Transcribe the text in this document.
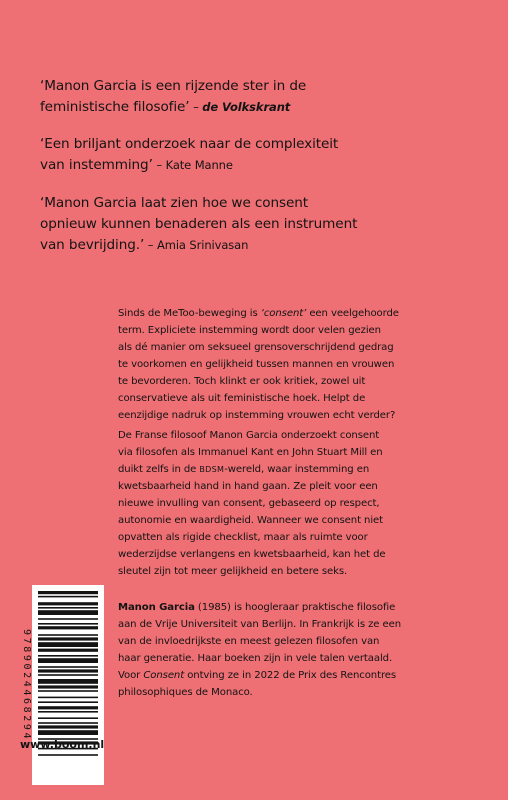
‘Manon Garcia is een rijzende ster in de
feministische filosofie’ – de Volkskrant
‘Een briljant onderzoek naar de complexiteit
van instemming’ – Kate Manne
‘Manon Garcia laat zien hoe we consent
opnieuw kunnen benaderen als een instrument
van bevrijding.’ – Amia Srinivasan

Sinds de MeToo-beweging is ‘consent’ een veelgehoorde

term. Expliciete instemming wordt door velen gezien

als dé manier om seksueel grensoverschrijdend gedrag

te voorkomen en gelijkheid tussen mannen en vrouwen

te bevorderen. Toch klinkt er ook kritiek, zowel uit

conservatieve als uit feministische hoek. Helpt de

eenzijdige nadruk op instemming vrouwen echt verder?

De Franse filosoof Manon Garcia onderzoekt consent

via filosofen als Immanuel Kant en John Stuart Mill en

duikt zelfs in de BDSM-wereld, waar instemming en

kwetsbaarheid hand in hand gaan. Ze pleit voor een

nieuwe invulling van consent, gebaseerd op respect,

autonomie en waardigheid. Wanneer we consent niet

opvatten als rigide checklist, maar als ruimte voor

wederzijdse verlangens en kwetsbaarheid, kan het de

sleutel zijn tot meer gelijkheid en betere seks.

Manon Garcia (1985) is hoogleraar praktische filosofie

aan de Vrije Universiteit van Berlijn. In Frankrijk is ze een

van de invloedrijkste en meest gelezen filosofen van

haar generatie. Haar boeken zijn in vele talen vertaald.

Voor Consent ontving ze in 2022 de Prix des Rencontres

philosophiques de Monaco.

9789024468294
www.boom.nl
